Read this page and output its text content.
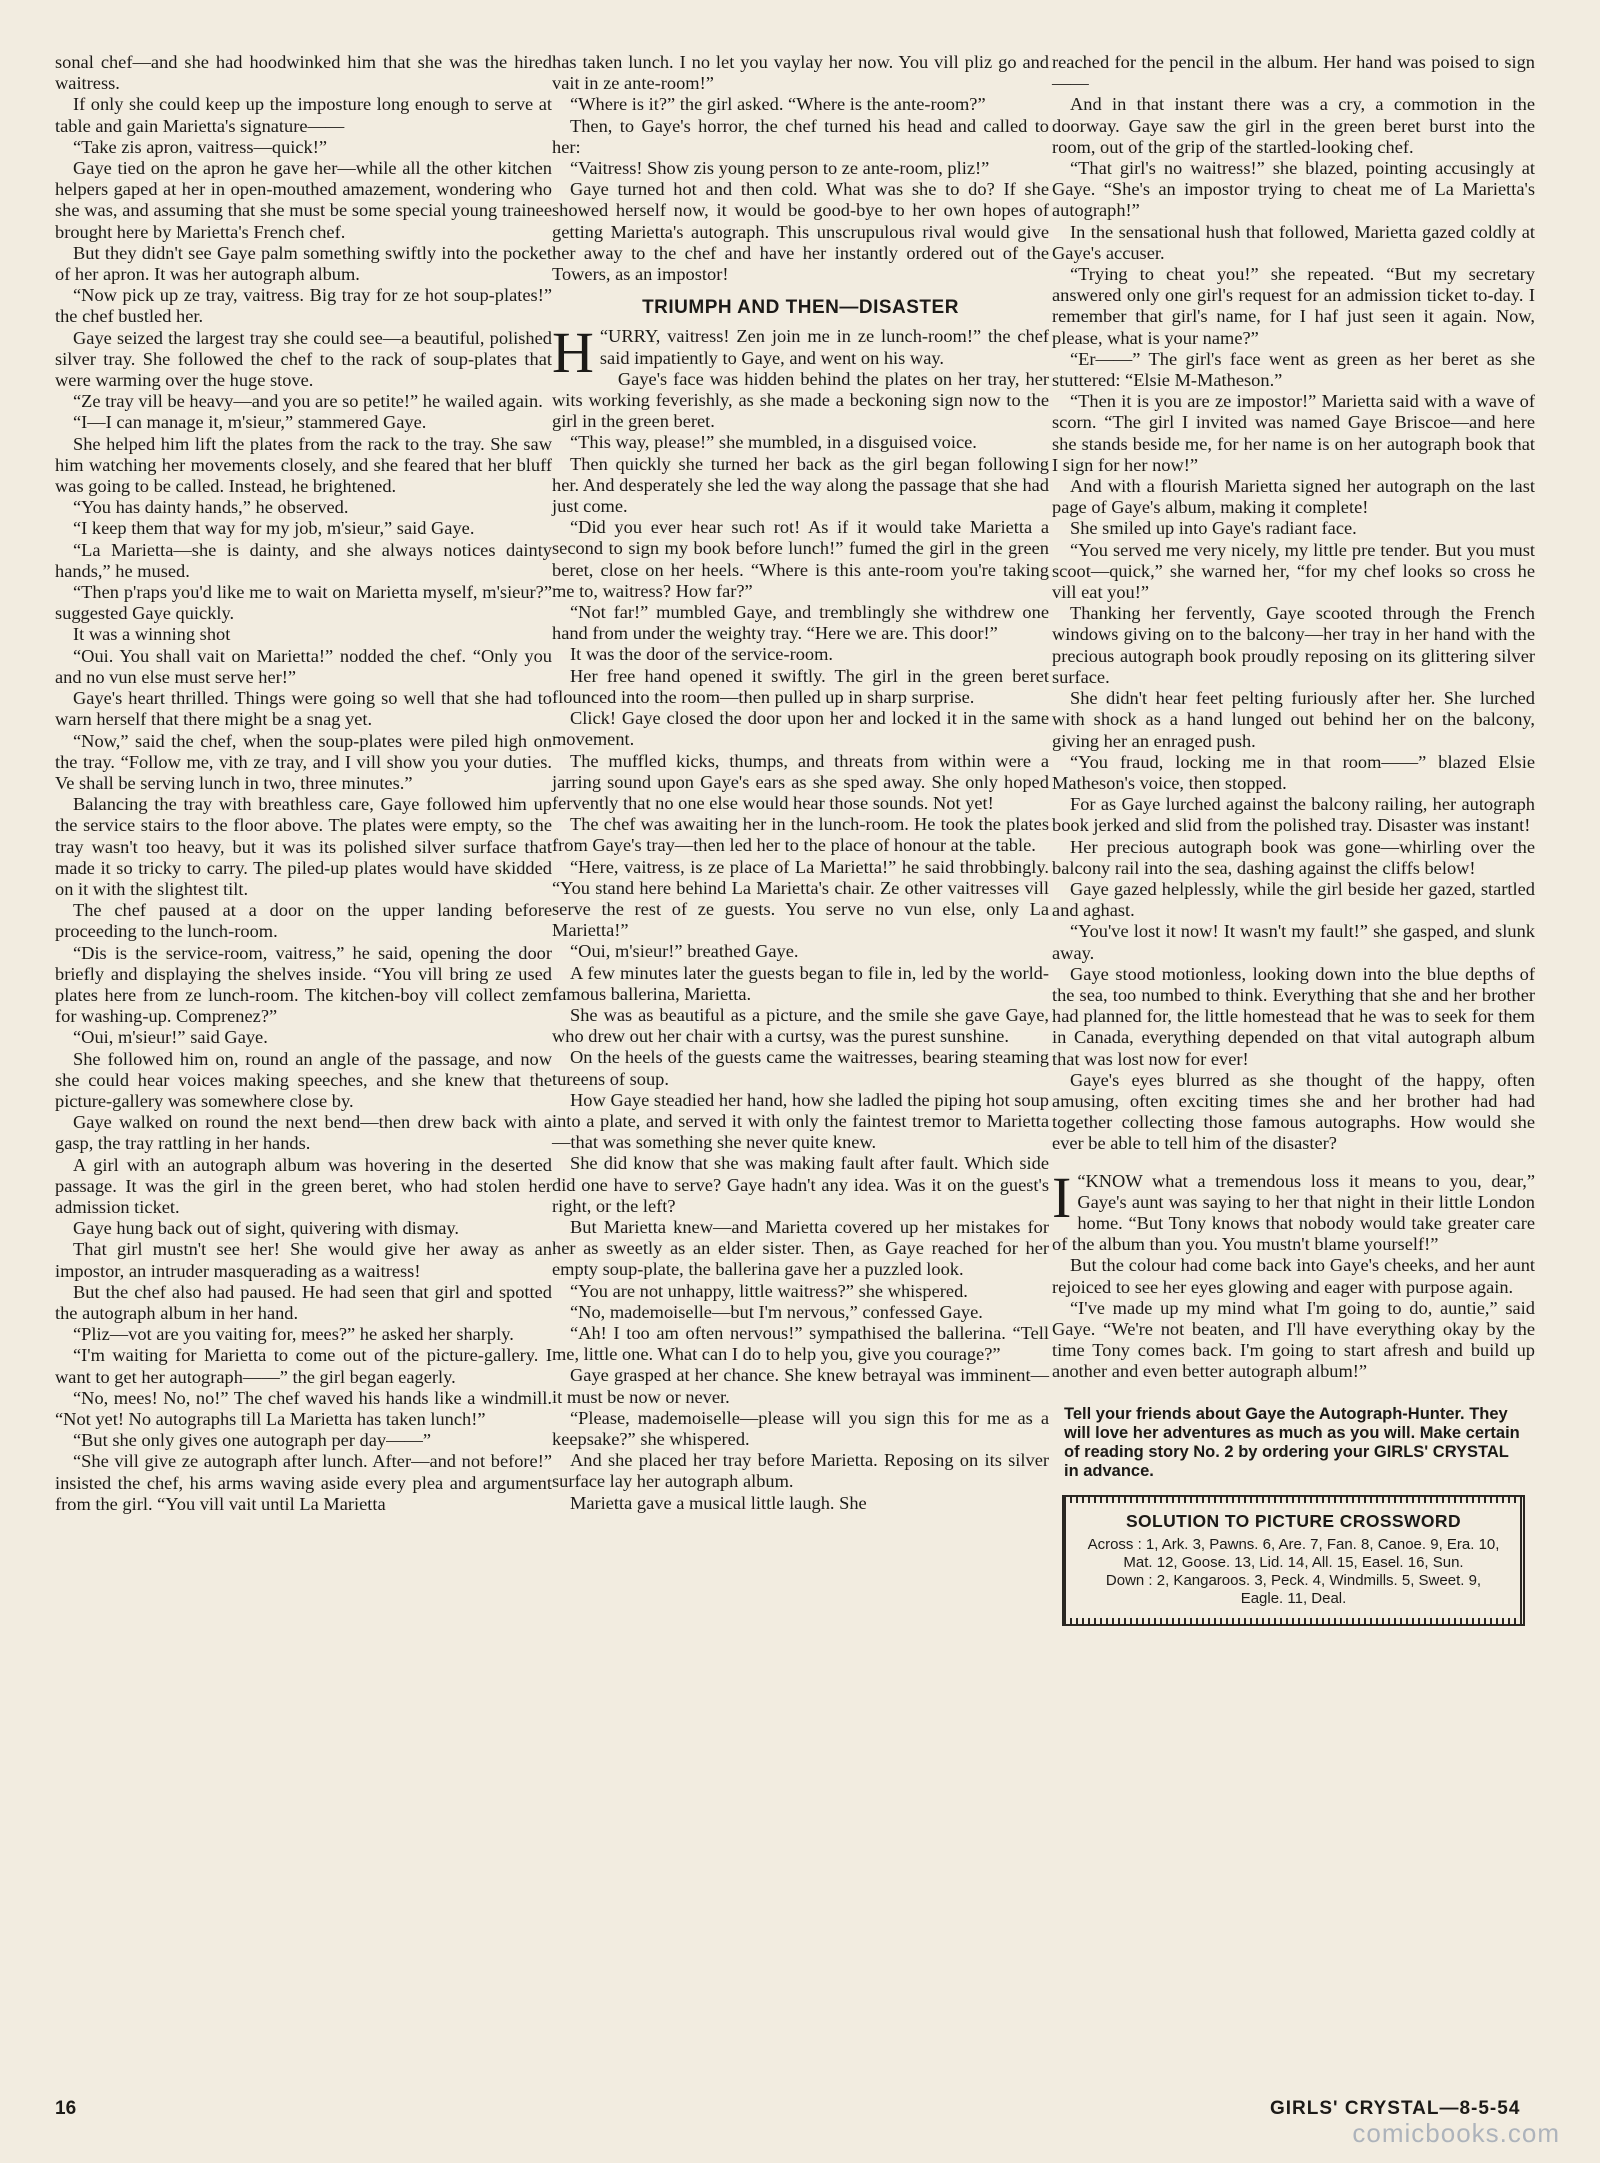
sonal chef—and she had hoodwinked him that she was the hired waitress.

If only she could keep up the imposture long enough to serve at table and gain Marietta's signature——

“Take zis apron, vaitress—quick!”

Gaye tied on the apron he gave her—while all the other kitchen helpers gaped at her in open-mouthed amazement, wondering who she was, and assuming that she must be some special young trainee brought here by Marietta's French chef.

But they didn't see Gaye palm something swiftly into the pocket of her apron. It was her autograph album.

“Now pick up ze tray, vaitress. Big tray for ze hot soup-plates!” the chef bustled her.

Gaye seized the largest tray she could see—a beautiful, polished silver tray. She followed the chef to the rack of soup-plates that were warming over the huge stove.

“Ze tray vill be heavy—and you are so petite!” he wailed again.

“I—I can manage it, m'sieur,” stammered Gaye.

She helped him lift the plates from the rack to the tray. She saw him watching her movements closely, and she feared that her bluff was going to be called. Instead, he brightened.

“You has dainty hands,” he observed.

“I keep them that way for my job, m'sieur,” said Gaye.

“La Marietta—she is dainty, and she always notices dainty hands,” he mused.

“Then p'raps you'd like me to wait on Marietta myself, m'sieur?” suggested Gaye quickly.

It was a winning shot

“Oui. You shall vait on Marietta!” nodded the chef. “Only you and no vun else must serve her!”

Gaye's heart thrilled. Things were going so well that she had to warn herself that there might be a snag yet.

“Now,” said the chef, when the soup-plates were piled high on the tray. “Follow me, vith ze tray, and I vill show you your duties. Ve shall be serving lunch in two, three minutes.”

Balancing the tray with breathless care, Gaye followed him up the service stairs to the floor above. The plates were empty, so the tray wasn't too heavy, but it was its polished silver surface that made it so tricky to carry. The piled-up plates would have skidded on it with the slightest tilt.

The chef paused at a door on the upper landing before proceeding to the lunch-room.

“Dis is the service-room, vaitress,” he said, opening the door briefly and displaying the shelves inside. “You vill bring ze used plates here from ze lunch-room. The kitchen-boy vill collect zem for washing-up. Comprenez?”

“Oui, m'sieur!” said Gaye.

She followed him on, round an angle of the passage, and now she could hear voices making speeches, and she knew that the picture-gallery was somewhere close by.

Gaye walked on round the next bend—then drew back with a gasp, the tray rattling in her hands.

A girl with an autograph album was hovering in the deserted passage. It was the girl in the green beret, who had stolen her admission ticket.

Gaye hung back out of sight, quivering with dismay.

That girl mustn't see her! She would give her away as an impostor, an intruder masquerading as a waitress!

But the chef also had paused. He had seen that girl and spotted the autograph album in her hand.

“Pliz—vot are you vaiting for, mees?” he asked her sharply.

“I'm waiting for Marietta to come out of the picture-gallery. I want to get her autograph——” the girl began eagerly.

“No, mees! No, no!” The chef waved his hands like a windmill. “Not yet! No autographs till La Marietta has taken lunch!”

“But she only gives one autograph per day——”

“She vill give ze autograph after lunch. After—and not before!” insisted the chef, his arms waving aside every plea and argument from the girl. “You vill vait until La Marietta

has taken lunch. I no let you vaylay her now. You vill pliz go and vait in ze ante-room!”

“Where is it?” the girl asked. “Where is the ante-room?”

Then, to Gaye's horror, the chef turned his head and called to her:

“Vaitress! Show zis young person to ze ante-room, pliz!”

Gaye turned hot and then cold. What was she to do? If she showed herself now, it would be good-bye to her own hopes of getting Marietta's autograph. This unscrupulous rival would give her away to the chef and have her instantly ordered out of the Towers, as an impostor!

TRIUMPH AND THEN—DISASTER

H “URRY, vaitress! Zen join me in ze lunch-room!” the chef said impatiently to Gaye, and went on his way.

Gaye's face was hidden behind the plates on her tray, her wits working feverishly, as she made a beckoning sign now to the girl in the green beret.

“This way, please!” she mumbled, in a disguised voice.

Then quickly she turned her back as the girl began following her. And desperately she led the way along the passage that she had just come.

“Did you ever hear such rot! As if it would take Marietta a second to sign my book before lunch!” fumed the girl in the green beret, close on her heels. “Where is this ante-room you're taking me to, waitress? How far?”

“Not far!” mumbled Gaye, and tremblingly she withdrew one hand from under the weighty tray. “Here we are. This door!”

It was the door of the service-room.

Her free hand opened it swiftly. The girl in the green beret flounced into the room—then pulled up in sharp surprise.

Click! Gaye closed the door upon her and locked it in the same movement.

The muffled kicks, thumps, and threats from within were a jarring sound upon Gaye's ears as she sped away. She only hoped fervently that no one else would hear those sounds. Not yet!

The chef was awaiting her in the lunch-room. He took the plates from Gaye's tray—then led her to the place of honour at the table.

“Here, vaitress, is ze place of La Marietta!” he said throbbingly. “You stand here behind La Marietta's chair. Ze other vaitresses vill serve the rest of ze guests. You serve no vun else, only La Marietta!”

“Oui, m'sieur!” breathed Gaye.

A few minutes later the guests began to file in, led by the world-famous ballerina, Marietta.

She was as beautiful as a picture, and the smile she gave Gaye, who drew out her chair with a curtsy, was the purest sunshine.

On the heels of the guests came the waitresses, bearing steaming tureens of soup.

How Gaye steadied her hand, how she ladled the piping hot soup into a plate, and served it with only the faintest tremor to Marietta—that was something she never quite knew.

She did know that she was making fault after fault. Which side did one have to serve? Gaye hadn't any idea. Was it on the guest's right, or the left?

But Marietta knew—and Marietta covered up her mistakes for her as sweetly as an elder sister. Then, as Gaye reached for her empty soup-plate, the ballerina gave her a puzzled look.

“You are not unhappy, little waitress?” she whispered.

“No, mademoiselle—but I'm nervous,” confessed Gaye.

“Ah! I too am often nervous!” sympathised the ballerina. “Tell me, little one. What can I do to help you, give you courage?”

Gaye grasped at her chance. She knew betrayal was imminent—it must be now or never.

“Please, mademoiselle—please will you sign this for me as a keepsake?” she whispered.

And she placed her tray before Marietta. Reposing on its silver surface lay her autograph album.

Marietta gave a musical little laugh. She

reached for the pencil in the album. Her hand was poised to sign——

And in that instant there was a cry, a commotion in the doorway. Gaye saw the girl in the green beret burst into the room, out of the grip of the startled-looking chef.

“That girl's no waitress!” she blazed, pointing accusingly at Gaye. “She's an impostor trying to cheat me of La Marietta's autograph!”

In the sensational hush that followed, Marietta gazed coldly at Gaye's accuser.

“Trying to cheat you!” she repeated. “But my secretary answered only one girl's request for an admission ticket to-day. I remember that girl's name, for I haf just seen it again. Now, please, what is your name?”

“Er——” The girl's face went as green as her beret as she stuttered: “Elsie M-Matheson.”

“Then it is you are ze impostor!” Marietta said with a wave of scorn. “The girl I invited was named Gaye Briscoe—and here she stands beside me, for her name is on her autograph book that I sign for her now!”

And with a flourish Marietta signed her autograph on the last page of Gaye's album, making it complete!

She smiled up into Gaye's radiant face.

“You served me very nicely, my little pre tender. But you must scoot—quick,” she warned her, “for my chef looks so cross he vill eat you!”

Thanking her fervently, Gaye scooted through the French windows giving on to the balcony—her tray in her hand with the precious autograph book proudly reposing on its glittering silver surface.

She didn't hear feet pelting furiously after her. She lurched with shock as a hand lunged out behind her on the balcony, giving her an enraged push.

“You fraud, locking me in that room——” blazed Elsie Matheson's voice, then stopped.

For as Gaye lurched against the balcony railing, her autograph book jerked and slid from the polished tray. Disaster was instant!

Her precious autograph book was gone—whirling over the balcony rail into the sea, dashing against the cliffs below!

Gaye gazed helplessly, while the girl beside her gazed, startled and aghast.

“You've lost it now! It wasn't my fault!” she gasped, and slunk away.

Gaye stood motionless, looking down into the blue depths of the sea, too numbed to think. Everything that she and her brother had planned for, the little homestead that he was to seek for them in Canada, everything depended on that vital autograph album that was lost now for ever!

Gaye's eyes blurred as she thought of the happy, often amusing, often exciting times she and her brother had had together collecting those famous autographs. How would she ever be able to tell him of the disaster?

I “KNOW what a tremendous loss it means to you, dear,” Gaye's aunt was saying to her that night in their little London home. “But Tony knows that nobody would take greater care of the album than you. You mustn't blame yourself!”

But the colour had come back into Gaye's cheeks, and her aunt rejoiced to see her eyes glowing and eager with purpose again.

“I've made up my mind what I'm going to do, auntie,” said Gaye. “We're not beaten, and I'll have everything okay by the time Tony comes back. I'm going to start afresh and build up another and even better autograph album!”

Tell your friends about Gaye the Autograph-Hunter. They will love her adventures as much as you will. Make certain of reading story No. 2 by ordering your GIRLS' CRYSTAL in advance.
SOLUTION TO PICTURE CROSSWORD
Across : 1, Ark. 3, Pawns. 6, Are. 7, Fan. 8, Canoe. 9, Era. 10, Mat. 12, Goose. 13, Lid. 14, All. 15, Easel. 16, Sun.
Down : 2, Kangaroos. 3, Peck. 4, Windmills. 5, Sweet. 9, Eagle. 11, Deal.
16	GIRLS' CRYSTAL—8-5-54
comicbooks.com
